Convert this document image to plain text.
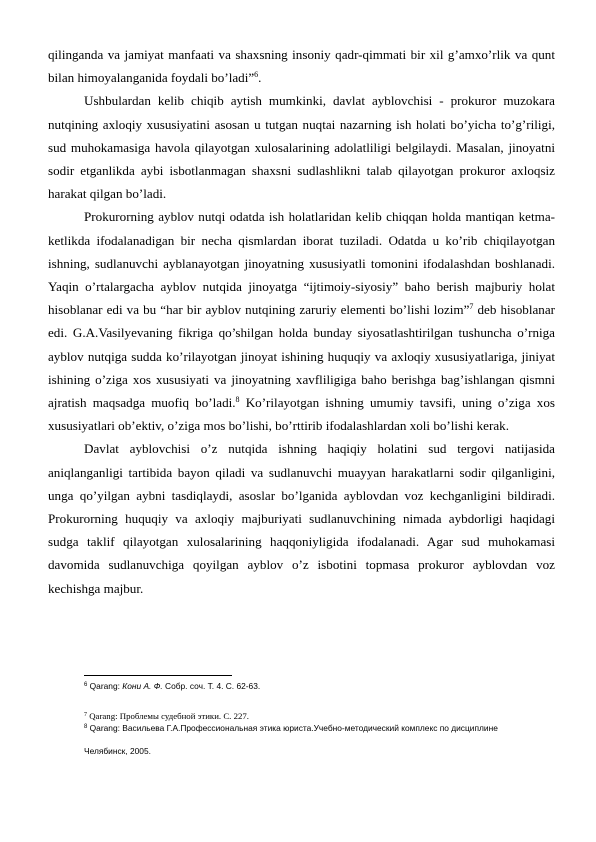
qilinganda va jamiyat manfaati va shaxsning insoniy qadr-qimmati bir xil g’amxo’rlik va qunt bilan himoyalanganida foydali bo’ladi”$^6$.

Ushbulardan kelib chiqib aytish mumkinki, davlat ayblovchisi - prokuror muzokara nutqining axloqiy xususiyatini asosan u tutgan nuqtai nazarning ish holati bo’yicha to’g’riligi, sud muhokamasiga havola qilayotgan xulosalarining adolatliligi belgilaydi. Masalan, jinoyatni sodir etganlikda aybi isbotlanmagan shaxsni sudlashlikni talab qilayotgan prokuror axloqsiz harakat qilgan bo’ladi.

Prokurorning ayblov nutqi odatda ish holatlaridan kelib chiqqan holda mantiqan ketma-ketlikda ifodalanadigan bir necha qismlardan iborat tuziladi. Odatda u ko’rib chiqilayotgan ishning, sudlanuvchi ayblanayotgan jinoyatning xususiyatli tomonini ifodalashdan boshlanadi. Yaqin o’rtalargacha ayblov nutqida jinoyatga “ijtimoiy-siyosiy” baho berish majburiy holat hisoblanar edi va bu “har bir ayblov nutqining zaruriy elementi bo’lishi lozim”$^7$ deb hisoblanar edi. G.A.Vasilyevaning fikriga qo’shilgan holda bunday siyosatlashtirilgan tushuncha o’rniga ayblov nutqiga sudda ko’rilayotgan jinoyat ishining huquqiy va axloqiy xususiyatlariga, jiniyat ishining o’ziga xos xususiyati va jinoyatning xavfliligiga baho berishga bag’ishlangan qismni ajratish maqsadga muofiq bo’ladi.$^8$ Ko’rilayotgan ishning umumiy tavsifi, uning o’ziga xos xususiyatlari ob’ektiv, o’ziga mos bo’lishi, bo’rttirib ifodalashlardan xoli bo’lishi kerak.

Davlat ayblovchisi o’z nutqida ishning haqiqiy holatini sud tergovi natijasida aniqlanganligi tartibida bayon qiladi va sudlanuvchi muayyan harakatlarni sodir qilganligini, unga qo’yilgan aybni tasdiqlaydi, asoslar bo’lganida ayblovdan voz kechganligini bildiradi. Prokurorning huquqiy va axloqiy majburiyati sudlanuvchining nimada aybdorligi haqidagi sudga taklif qilayotgan xulosalarining haqqoniyligida ifodalanadi. Agar sud muhokamasi davomida sudlanuvchiga qoyilgan ayblov o’z isbotini topmasa prokuror ayblovdan voz kechishga majbur.

$^6$ Qarang: Кони А. Ф. Собр. соч. Т. 4. С. 62-63.
$^7$ Qarang: Проблемы судебной этики. С. 227.
$^8$ Qarang: Васильева Г.А.Профессиональная этика юриста.Учебно-методический комплекс по дисциплине
Челябинск, 2005.
